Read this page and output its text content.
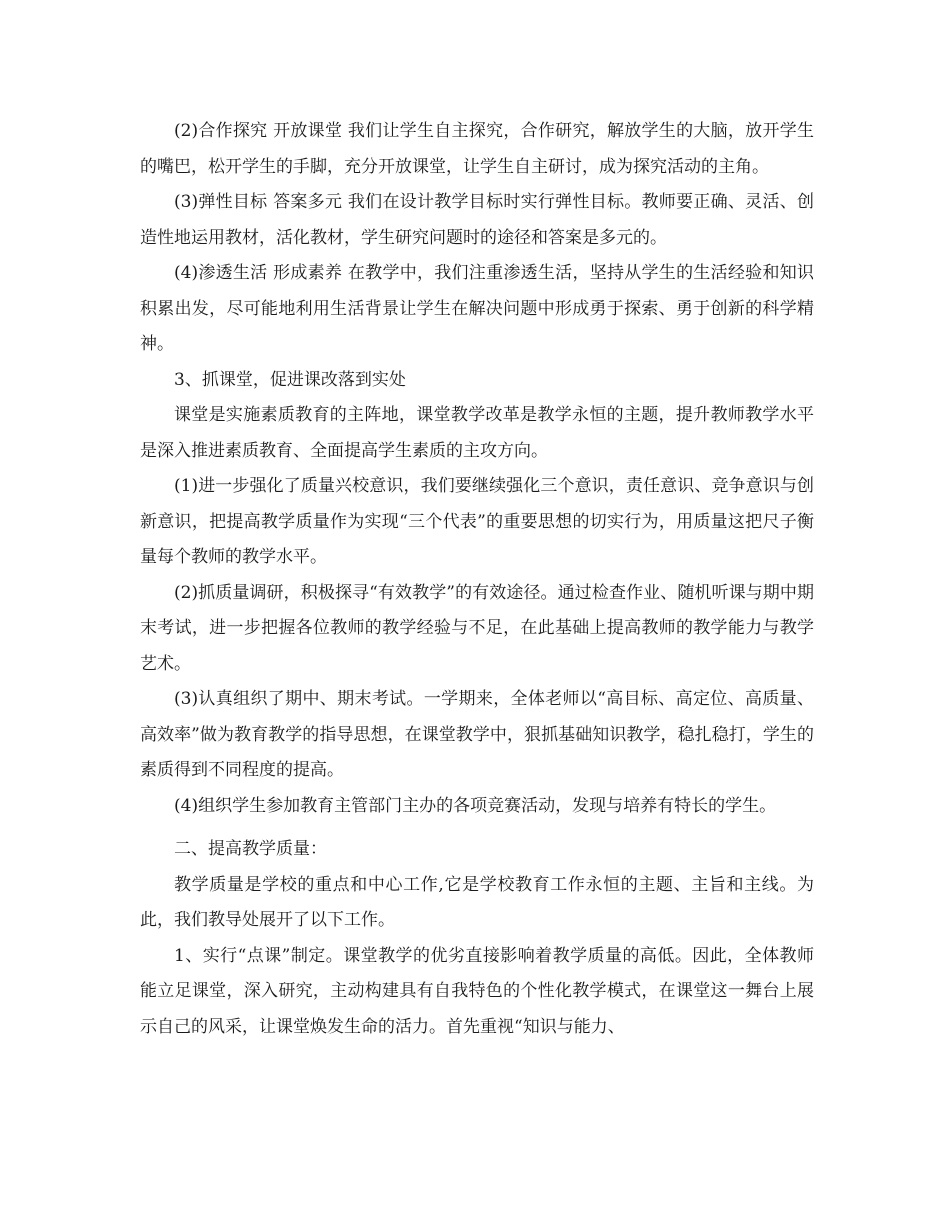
(2)合作探究 开放课堂 我们让学生自主探究，合作研究，解放学生的大脑，放开学生的嘴巴，松开学生的手脚，充分开放课堂，让学生自主研讨，成为探究活动的主角。

(3)弹性目标 答案多元 我们在设计教学目标时实行弹性目标。教师要正确、灵活、创造性地运用教材，活化教材，学生研究问题时的途径和答案是多元的。

(4)渗透生活 形成素养 在教学中，我们注重渗透生活，坚持从学生的生活经验和知识积累出发，尽可能地利用生活背景让学生在解决问题中形成勇于探索、勇于创新的科学精神。

3、抓课堂，促进课改落到实处

课堂是实施素质教育的主阵地，课堂教学改革是教学永恒的主题，提升教师教学水平是深入推进素质教育、全面提高学生素质的主攻方向。

(1)进一步强化了质量兴校意识，我们要继续强化三个意识，责任意识、竞争意识与创新意识，把提高教学质量作为实现“三个代表”的重要思想的切实行为，用质量这把尺子衡量每个教师的教学水平。

(2)抓质量调研，积极探寻“有效教学”的有效途径。通过检查作业、随机听课与期中期末考试，进一步把握各位教师的教学经验与不足，在此基础上提高教师的教学能力与教学艺术。

(3)认真组织了期中、期末考试。一学期来，全体老师以“高目标、高定位、高质量、高效率”做为教育教学的指导思想，在课堂教学中，狠抓基础知识教学，稳扎稳打，学生的素质得到不同程度的提高。

(4)组织学生参加教育主管部门主办的各项竞赛活动，发现与培养有特长的学生。

二、提高教学质量：

教学质量是学校的重点和中心工作,它是学校教育工作永恒的主题、主旨和主线。为此，我们教导处展开了以下工作。

1、实行“点课”制定。课堂教学的优劣直接影响着教学质量的高低。因此，全体教师能立足课堂，深入研究，主动构建具有自我特色的个性化教学模式，在课堂这一舞台上展示自己的风采，让课堂焕发生命的活力。首先重视“知识与能力、
